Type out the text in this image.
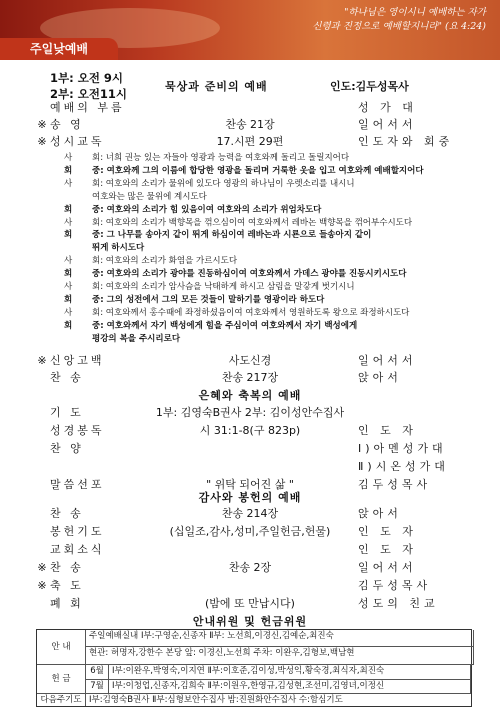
"하나님은 영이시니 예배하는 자가
신령과 진정으로 예배할지니라" (요 4:24)
주일낮예배
1부: 오전 9시
2부: 오전11시
묵상과 준비의 예배	인도:김두성목사
예배의 부름	성 가 대
※ 송 영	찬송 21장	일어서서
※ 성시교독	17.시편 29편	인도자와 회중
사	회: 너희 권능 있는 자들아 영광과 능력을 여호와께 돌리고 돌릴지어다
회	중: 여호와께 그의 이름에 합당한 영광을 돌리며 거룩한 옷을 입고 여호와께 예배할지어다
사	회: 여호와의 소리가 물위에 있도다 영광의 하나님이 우렛소리를 내시니
여호와는 많은 물위에 계시도다
회	중: 여호와의 소리가 힘 있음이여 여호와의 소리가 위엄차도다
사	회: 여호와의 소리가 백향목을 꺾으심이여 여호와께서 레바논 백향목을 꺾어부수시도다
회	중: 그 나무를 송아지 같이 뛰게 하심이여 레바논과 시룐으로 들송아지 같이
뛰게 하시도다
사	회: 여호와의 소리가 화염을 가르시도다
회	중: 여호와의 소리가 광야를 진동하심이여 여호와께서 가데스 광야를 진동시키시도다
사	회: 여호와의 소리가 암사슴을 낙태하게 하시고 삼림을 말갛게 벗기시니
회	중: 그의 성전에서 그의 모든 것들이 말하기를 영광이라 하도다
사	회: 여호와께서 홍수때에 좌정하셨음이여 여호와께서 영원하도록 왕으로 좌정하시도다
회	중: 여호와께서 자기 백성에게 힘을 주심이여 여호와께서 자기 백성에게
평강의 복을 주시리로다
※ 신앙고백	사도신경	일어서서
찬 송	찬송 217장	앉아서
은혜와 축복의 예배
기 도	1부: 김영숙B권사 2부: 김이성안수집사
성경봉독	시 31:1-8(구 823p)	인 도 자
찬 양	Ⅰ)아멘성가대
Ⅱ)시온성가대
말씀선포	" 위탁 되어진 삶 "	김두성목사
감사와 봉헌의 예배
찬 송	찬송 214장	앉아서
봉헌기도	(십일조,감사,성미,주일헌금,헌물)	인 도 자
교회소식	인 도 자
※ 찬 송	찬송 2장	일어서서
※ 축 도	김두성목사
폐 회	(밤에 또 만납시다)	성도의 친교
안내위원 및 헌금위원
안 내
주일예배실내 Ⅰ부:구영순,신종자 Ⅱ부: 노선희,이경신,김예순,최진숙
현관: 허명자,강한수 본당 앞: 이경신,노선희 주차: 이완우,김형보,백남현
헌 금
6월 Ⅰ부:이완우,박영숙,이지연 Ⅱ부:이호준,김이성,박성익,황숙경,최식자,최진숙
7월 Ⅰ부:이청업,신종자,김희숙 Ⅱ부:이원우,한영규,김성현,조선미,김영녀,이정신
다음주기도 Ⅰ부:김영숙B권사 Ⅱ부:심형보안수집사 밤:진원화안수집사 수:함심기도
